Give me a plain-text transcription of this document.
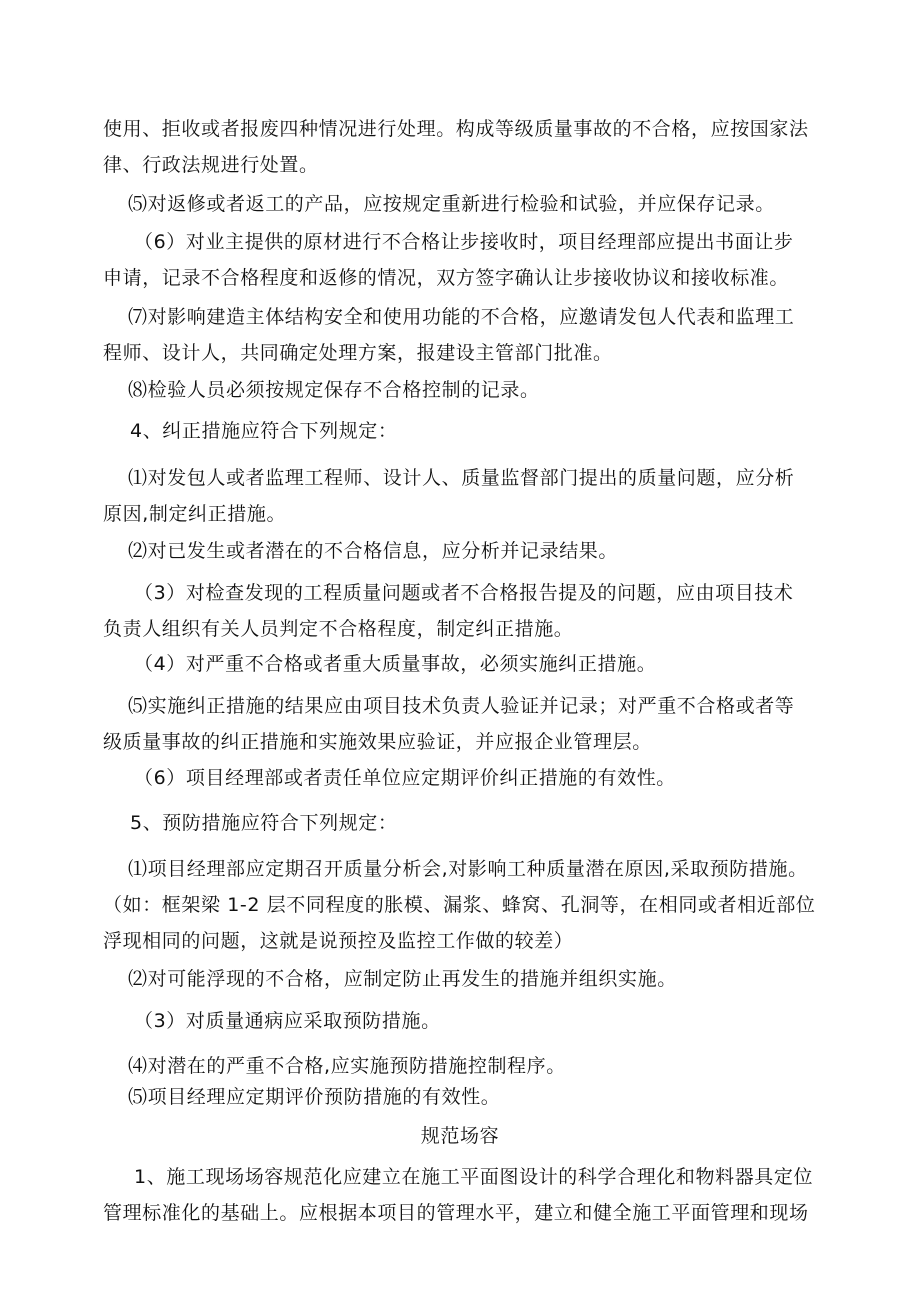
使用、拒收或者报废四种情况进行处理。构成等级质量事故的不合格，应按国家法
律、行政法规进行处置。
⑸对返修或者返工的产品，应按规定重新进行检验和试验，并应保存记录。
（6）对业主提供的原材进行不合格让步接收时，项目经理部应提出书面让步
申请，记录不合格程度和返修的情况，双方签字确认让步接收协议和接收标准。
⑺对影响建造主体结构安全和使用功能的不合格，应邀请发包人代表和监理工
程师、设计人，共同确定处理方案，报建设主管部门批准。
⑻检验人员必须按规定保存不合格控制的记录。
4、纠正措施应符合下列规定：
⑴对发包人或者监理工程师、设计人、质量监督部门提出的质量问题，应分析
原因,制定纠正措施。
⑵对已发生或者潜在的不合格信息，应分析并记录结果。
（3）对检查发现的工程质量问题或者不合格报告提及的问题，应由项目技术
负责人组织有关人员判定不合格程度，制定纠正措施。
（4）对严重不合格或者重大质量事故，必须实施纠正措施。
⑸实施纠正措施的结果应由项目技术负责人验证并记录；对严重不合格或者等
级质量事故的纠正措施和实施效果应验证，并应报企业管理层。
（6）项目经理部或者责任单位应定期评价纠正措施的有效性。
5、预防措施应符合下列规定：
⑴项目经理部应定期召开质量分析会,对影响工种质量潜在原因,采取预防措施。
（如：框架梁 1-2 层不同程度的胀模、漏浆、蜂窝、孔洞等，在相同或者相近部位
浮现相同的问题，这就是说预控及监控工作做的较差）
⑵对可能浮现的不合格，应制定防止再发生的措施并组织实施。
（3）对质量通病应采取预防措施。
⑷对潜在的严重不合格,应实施预防措施控制程序。
⑸项目经理应定期评价预防措施的有效性。
规范场容
1、施工现场场容规范化应建立在施工平面图设计的科学合理化和物料器具定位
管理标准化的基础上。应根据本项目的管理水平，建立和健全施工平面管理和现场
